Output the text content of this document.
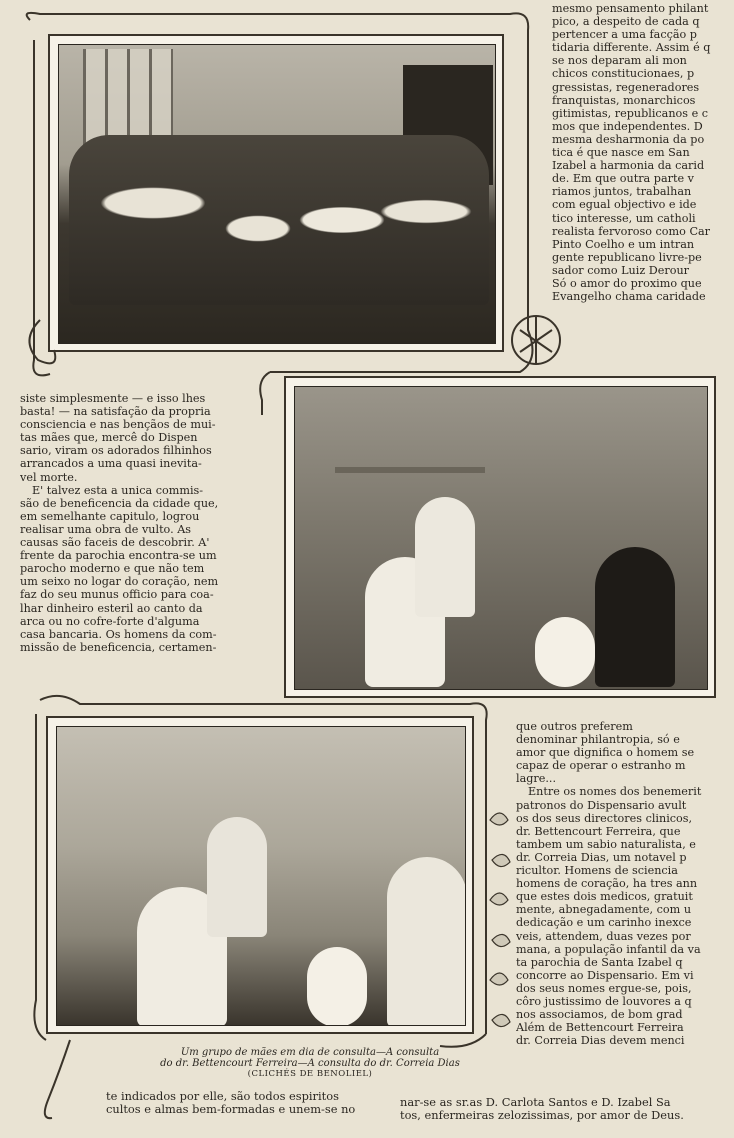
mesmo pensamento philant

pico, a despeito de cada q

pertencer a uma facção p

tidaria differente. Assim é q

se nos deparam ali mon

chicos constitucionaes, p

gressistas, regeneradores

franquistas, monarchicos

gitimistas, republicanos e c

mos que independentes. D

mesma desharmonia da po

tica é que nasce em San

Izabel a harmonia da carid

de. Em que outra parte v

riamos juntos, trabalhan

com egual objectivo e ide

tico interesse, um catholi

realista fervoroso como Car

Pinto Coelho e um intran

gente republicano livre-pe

sador como Luiz Derour

Só o amor do proximo que

Evangelho chama caridade

siste simplesmente — e isso lhes

basta! — na satisfação da propria

consciencia e nas bençãos de mui-

tas mães que, mercê do Dispen

sario, viram os adorados filhinhos

arrancados a uma quasi inevita-

vel morte.

E' talvez esta a unica commis-

são de beneficencia da cidade que,

em semelhante capitulo, logrou

realisar uma obra de vulto. As

causas são faceis de descobrir. A'

frente da parochia encontra-se um

parocho moderno e que não tem

um seixo no logar do coração, nem

faz do seu munus officio para coa-

lhar dinheiro esteril ao canto da

arca ou no cofre-forte d'alguma

casa bancaria. Os homens da com-

missão de beneficencia, certamen-

que outros preferem

denominar philantropia, só e

amor que dignifica o homem se

capaz de operar o estranho m

lagre...

Entre os nomes dos benemerit

patronos do Dispensario avult

os dos seus directores clinicos,

dr. Bettencourt Ferreira, que

tambem um sabio naturalista, e

dr. Correia Dias, um notavel p

ricultor. Homens de sciencia

homens de coração, ha tres ann

que estes dois medicos, gratuit

mente, abnegadamente, com u

dedicação e um carinho inexce

veis, attendem, duas vezes por

mana, a população infantil da va

ta parochia de Santa Izabel q

concorre ao Dispensario. Em vi

dos seus nomes ergue-se, pois,

côro justissimo de louvores a q

nos associamos, de bom grad

Além de Bettencourt Ferreira

dr. Correia Dias devem menci

Um grupo de mães em dia de consulta—A consulta
do dr. Bettencourt Ferreira—A consulta do dr. Correia Dias
(CLICHÉS DE BENOLIEL)

te indicados por elle, são todos espiritos

cultos e almas bem-formadas e unem-se no

nar-se as sr.as D. Carlota Santos e D. Izabel Sa

tos, enfermeiras zelozissimas, por amor de Deus.
